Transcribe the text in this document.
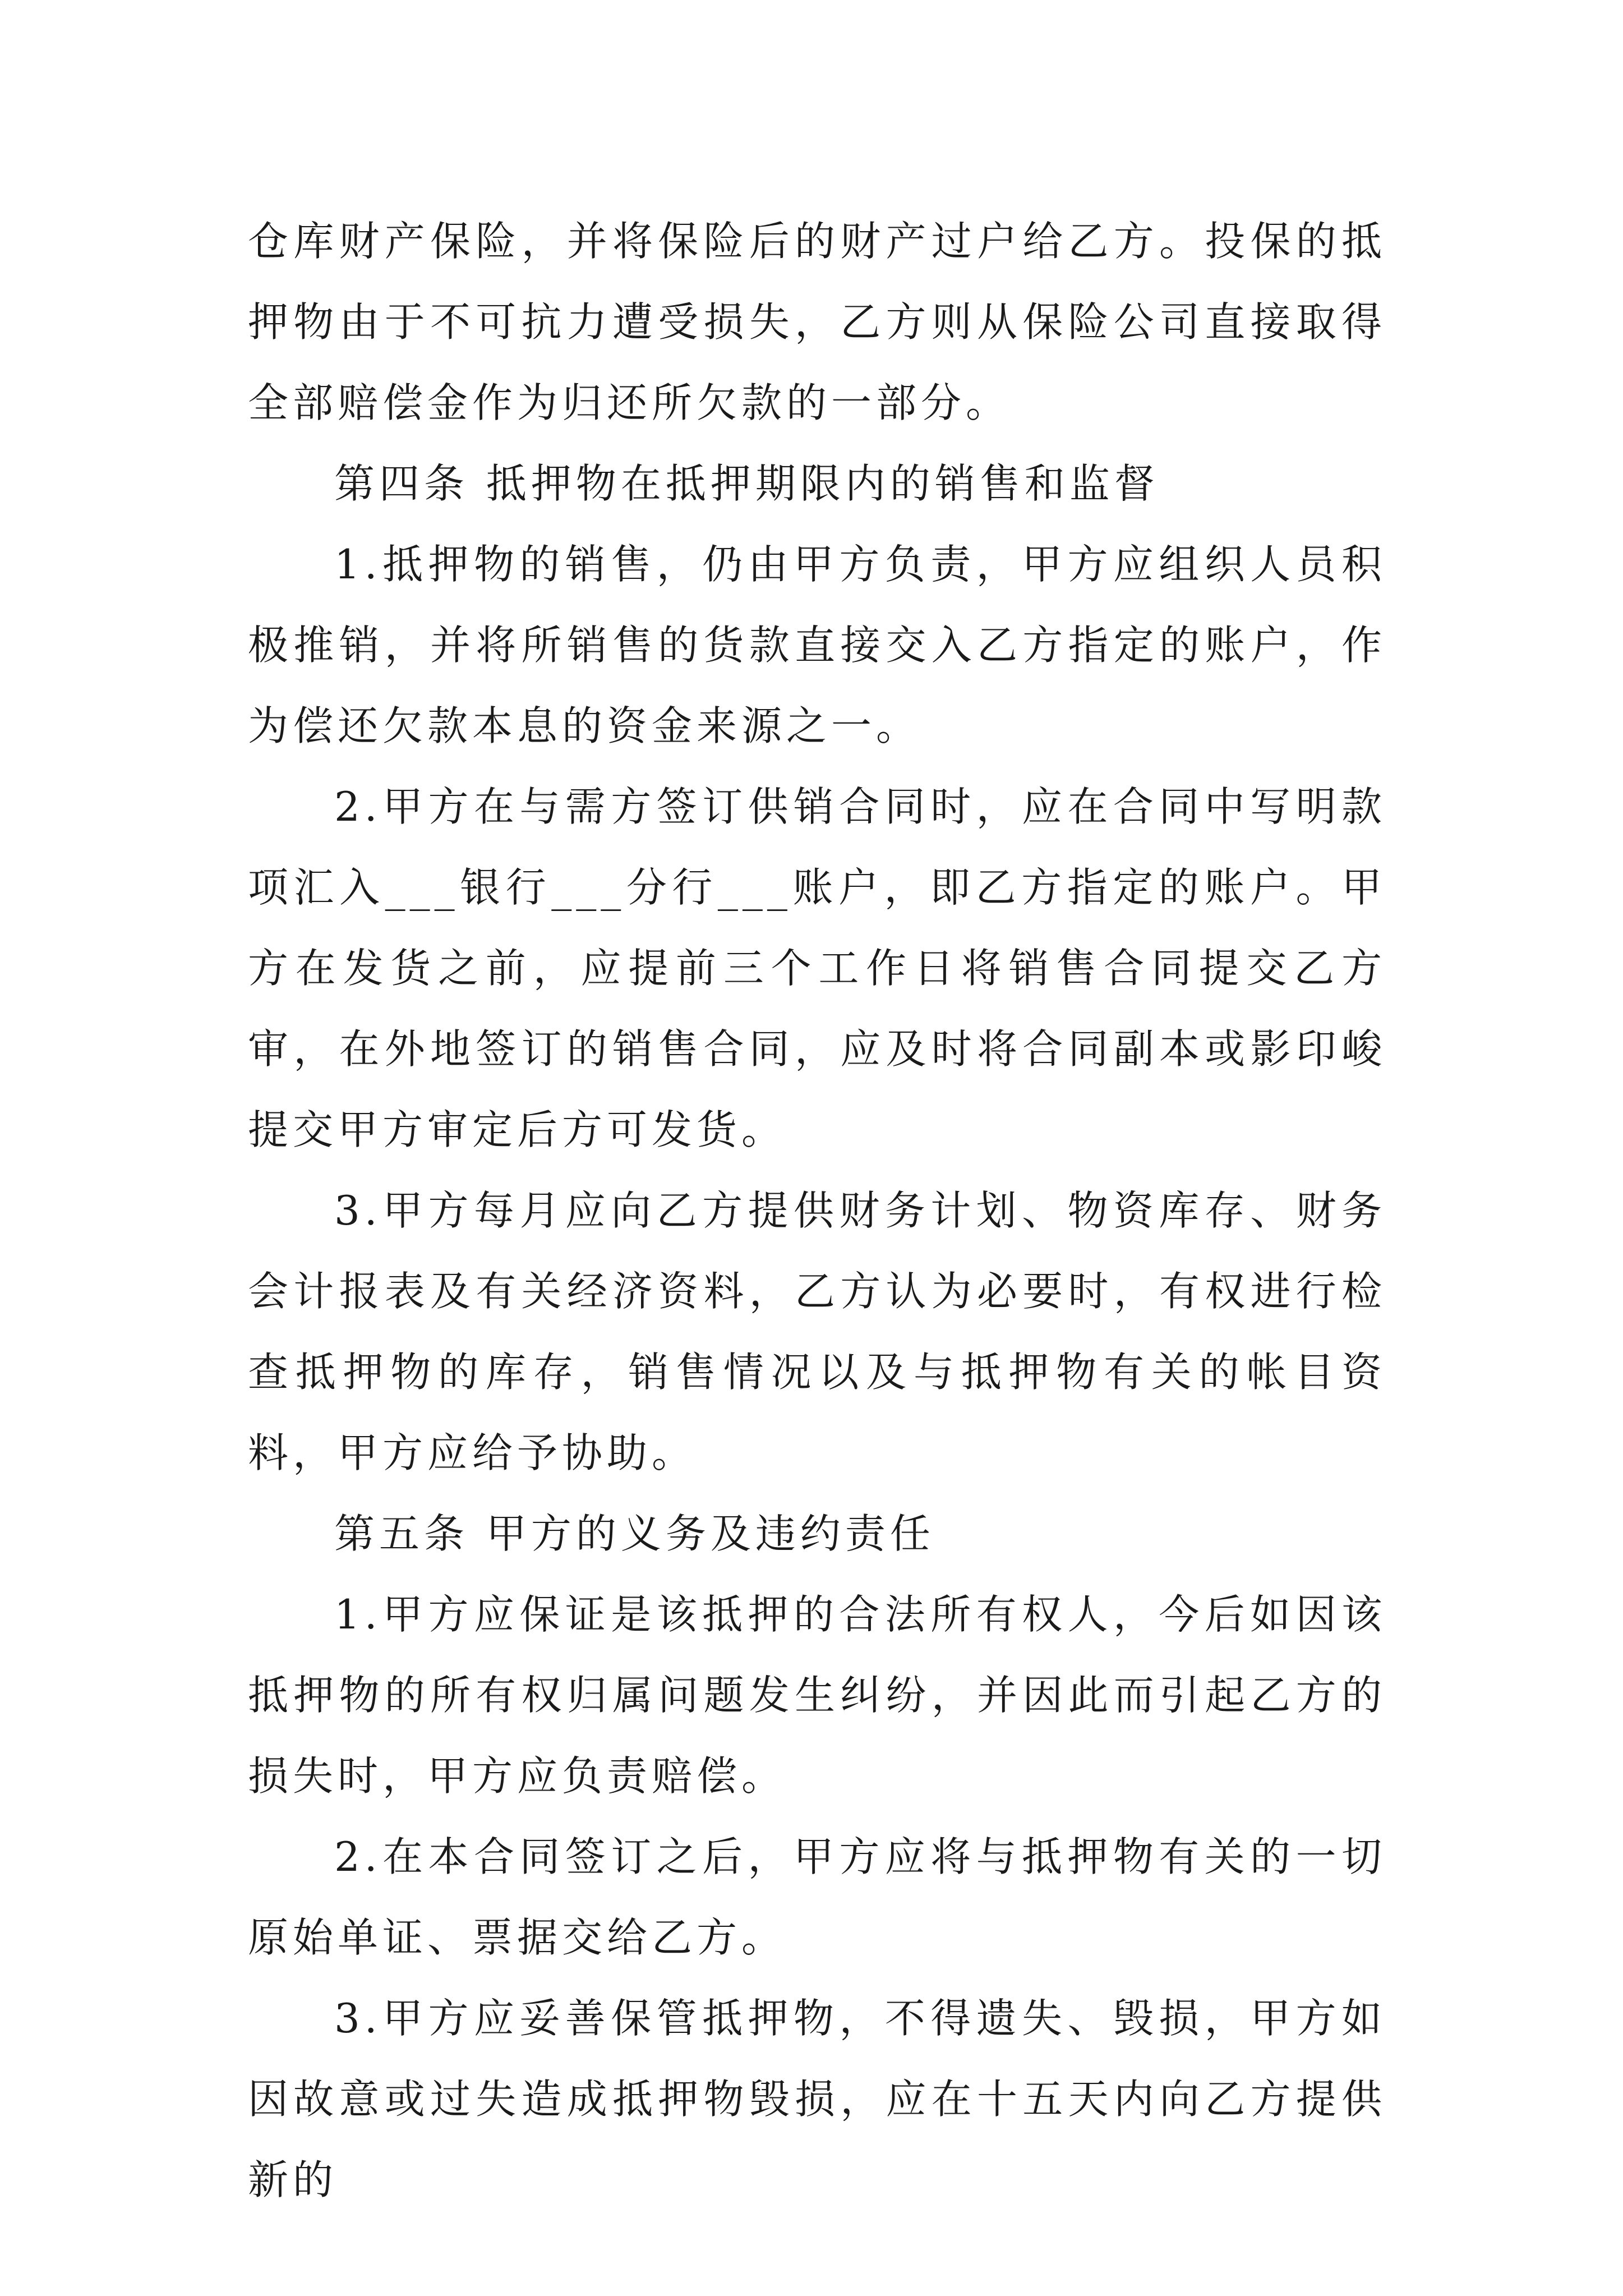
仓库财产保险，并将保险后的财产过户给乙方。投保的抵押物由于不可抗力遭受损失，乙方则从保险公司直接取得全部赔偿金作为归还所欠款的一部分。

第四条 抵押物在抵押期限内的销售和监督

1.抵押物的销售，仍由甲方负责，甲方应组织人员积极推销，并将所销售的货款直接交入乙方指定的账户，作为偿还欠款本息的资金来源之一。

2.甲方在与需方签订供销合同时，应在合同中写明款项汇入___银行___分行___账户，即乙方指定的账户。甲方在发货之前，应提前三个工作日将销售合同提交乙方审，在外地签订的销售合同，应及时将合同副本或影印峻提交甲方审定后方可发货。

3.甲方每月应向乙方提供财务计划、物资库存、财务会计报表及有关经济资料，乙方认为必要时，有权进行检查抵押物的库存，销售情况以及与抵押物有关的帐目资料，甲方应给予协助。

第五条 甲方的义务及违约责任

1.甲方应保证是该抵押的合法所有权人，今后如因该抵押物的所有权归属问题发生纠纷，并因此而引起乙方的损失时，甲方应负责赔偿。

2.在本合同签订之后，甲方应将与抵押物有关的一切原始单证、票据交给乙方。

3.甲方应妥善保管抵押物，不得遗失、毁损，甲方如因故意或过失造成抵押物毁损，应在十五天内向乙方提供新的
